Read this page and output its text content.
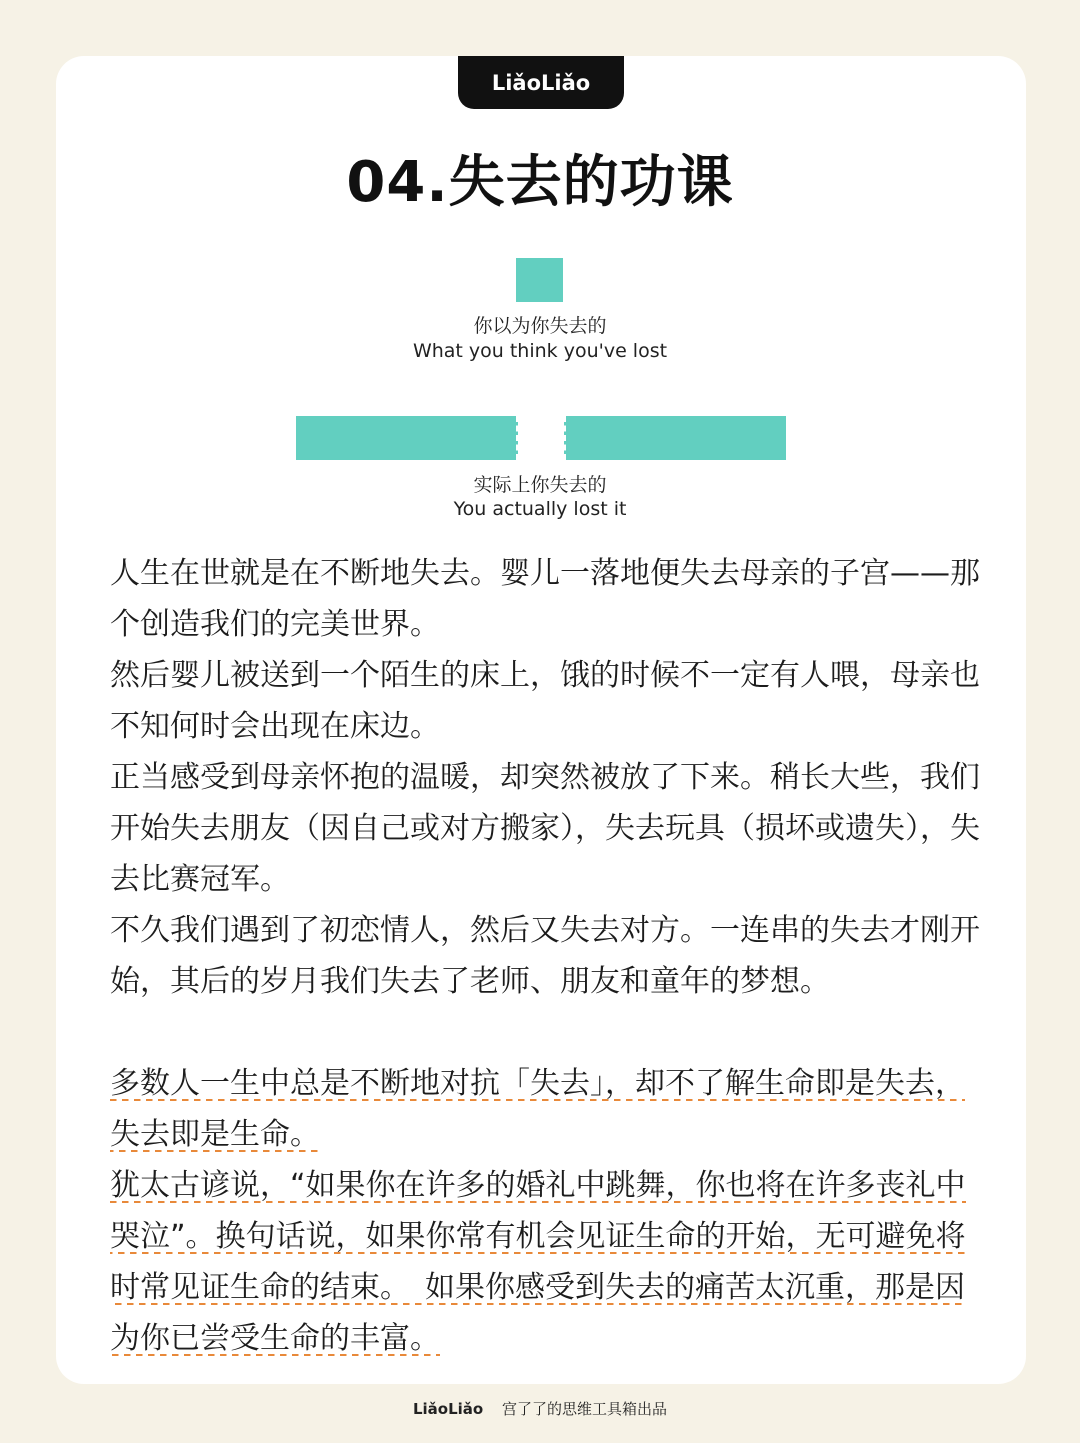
LiǎoLiǎo
04.失去的功课
你以为你失去的
What you think you've lost
实际上你失去的
You actually lost it

人生在世就是在不断地失去。婴儿一落地便失去母亲的子宫——那个创造我们的完美世界。

然后婴儿被送到一个陌生的床上，饿的时候不一定有人喂，母亲也不知何时会出现在床边。

正当感受到母亲怀抱的温暖，却突然被放了下来。稍长大些，我们开始失去朋友（因自己或对方搬家），失去玩具（损坏或遗失），失去比赛冠军。

不久我们遇到了初恋情人，然后又失去对方。一连串的失去才刚开始，其后的岁月我们失去了老师、朋友和童年的梦想。

多数人一生中总是不断地对抗「失去」，却不了解生命即是失去，失去即是生命。

犹太古谚说，“如果你在许多的婚礼中跳舞，你也将在许多丧礼中哭泣”。换句话说，如果你常有机会见证生命的开始，无可避免将时常见证生命的结束。　如果你感受到失去的痛苦太沉重，那是因为你已尝受生命的丰富。

LiǎoLiǎo 宫了了的思维工具箱出品
